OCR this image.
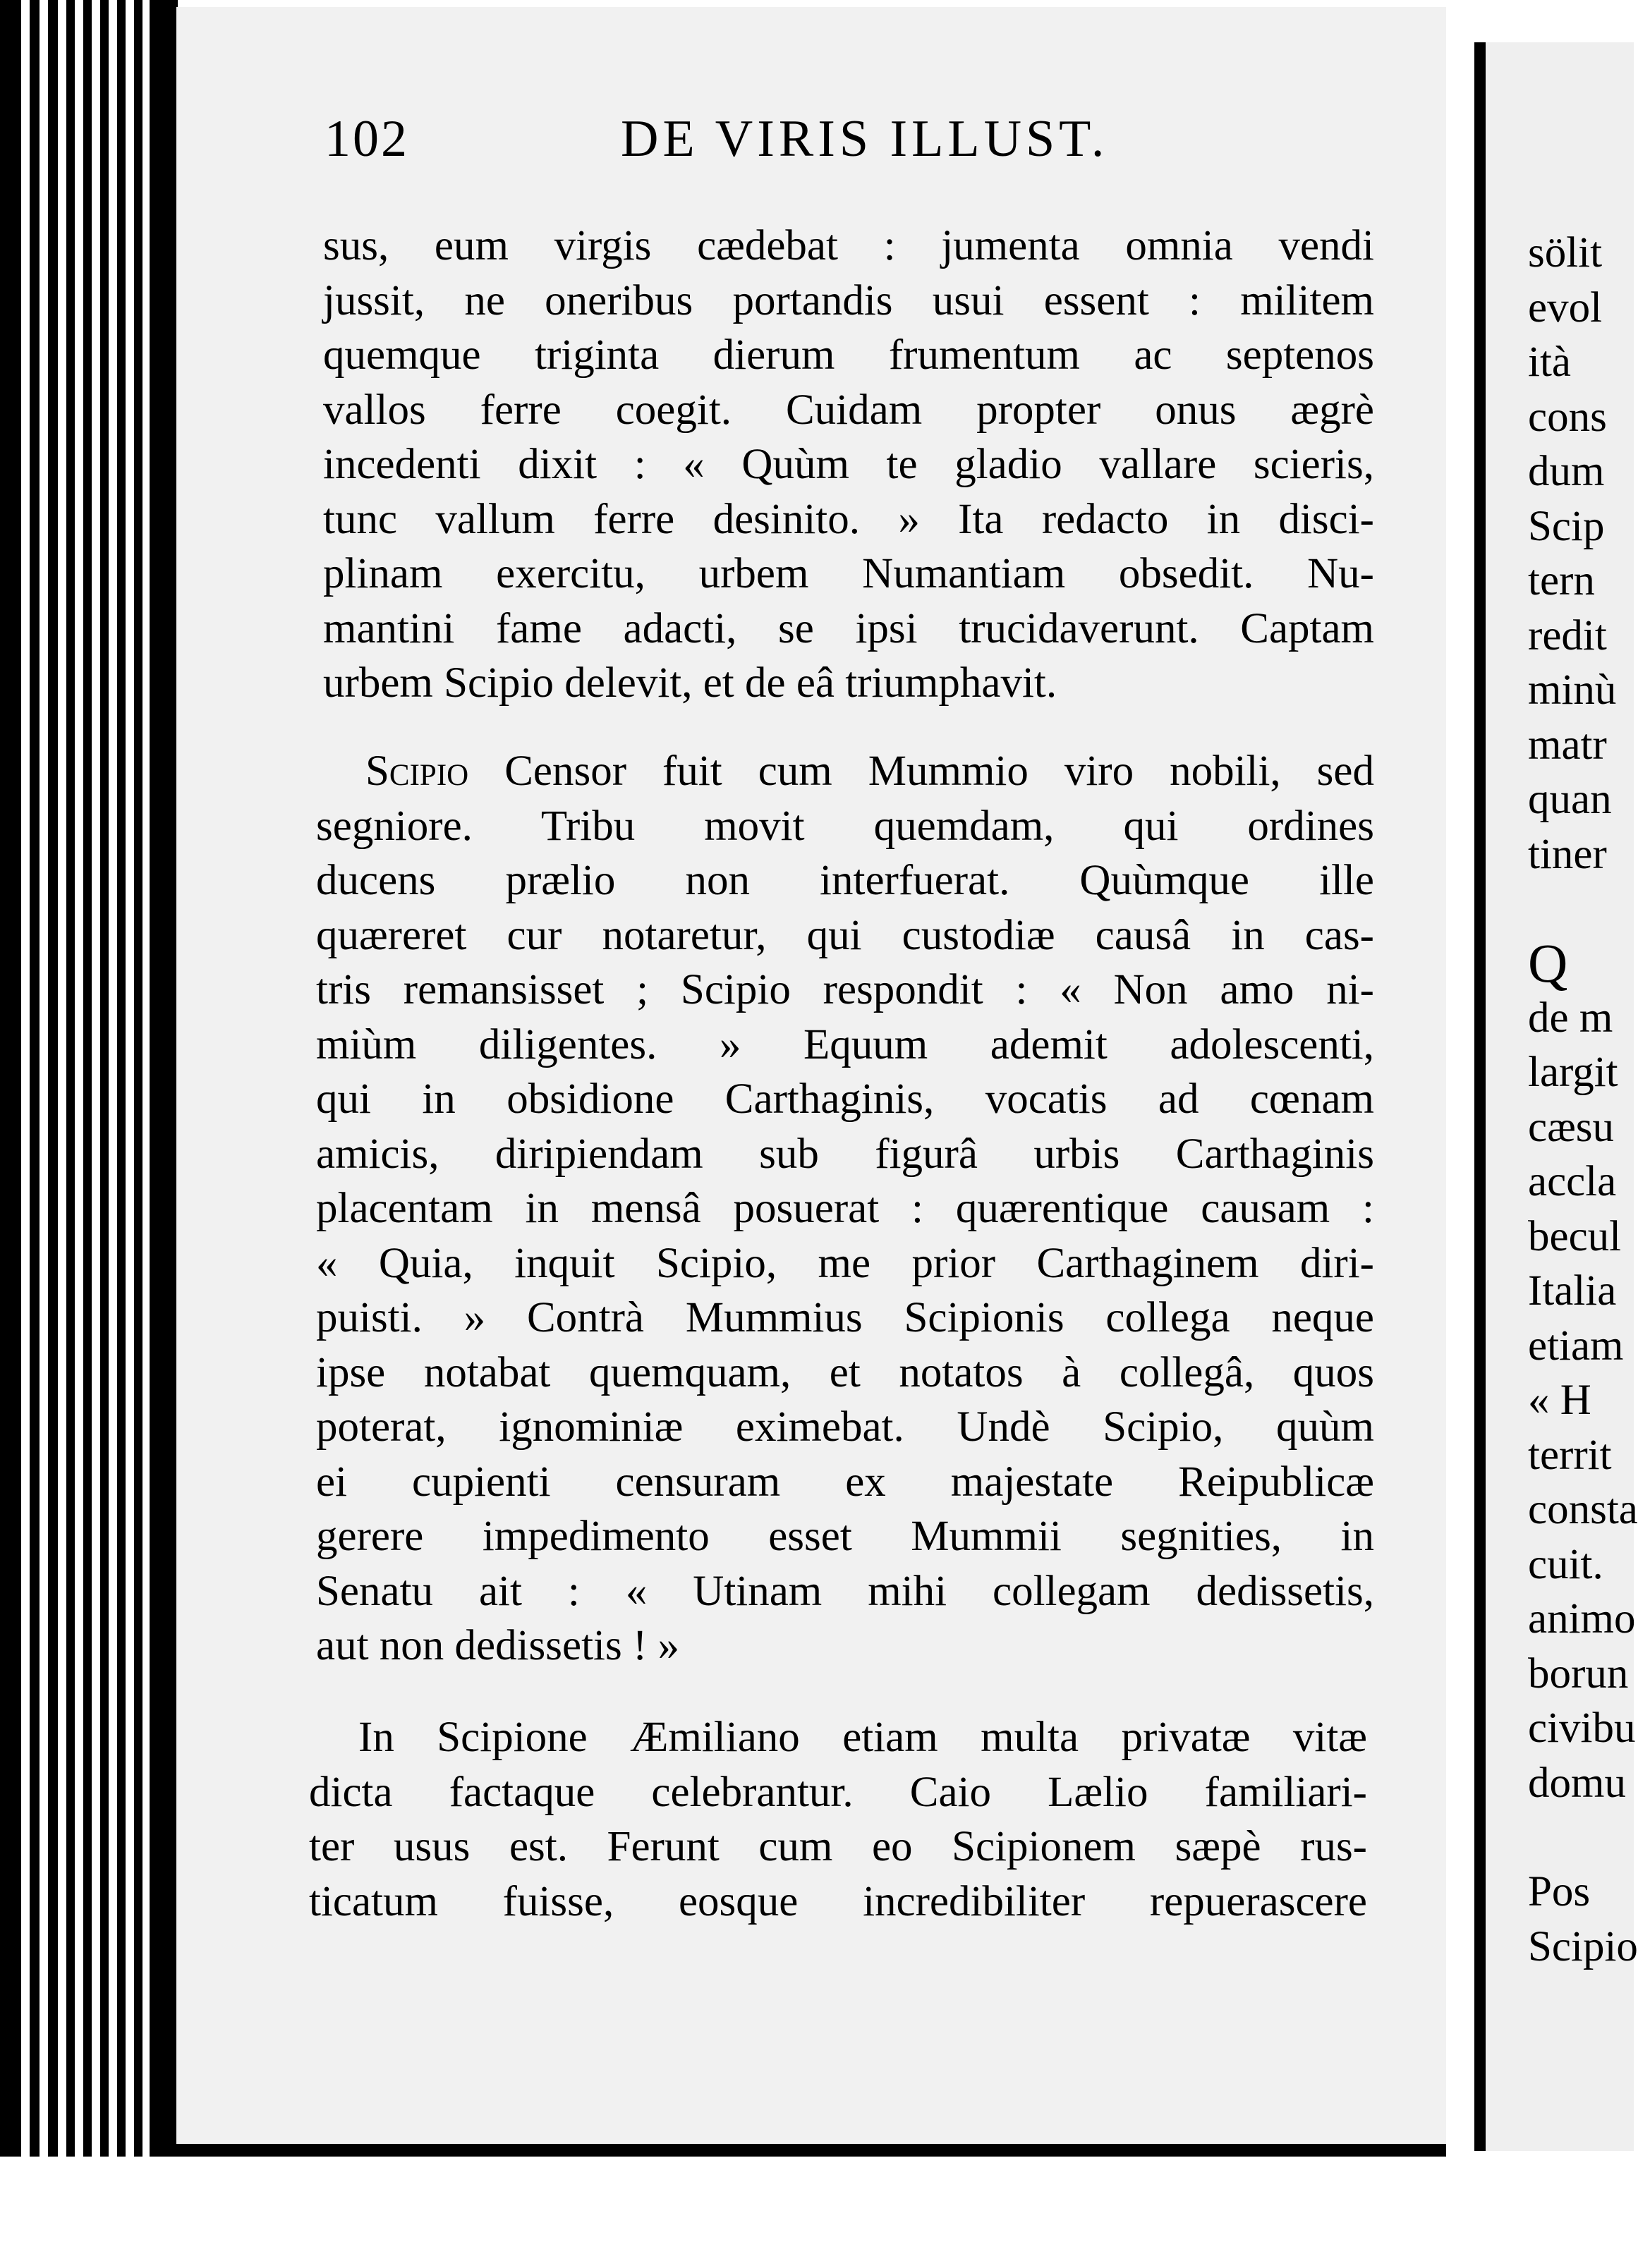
102	DE VIRIS ILLUST.
sus, eum virgis cædebat : jumenta omnia vendi
jussit, ne oneribus portandis usui essent : militem
quemque triginta dierum frumentum ac septenos
vallos ferre coegit. Cuidam propter onus ægrè
incedenti dixit : « Quùm te gladio vallare scieris,
tunc vallum ferre desinito. » Ita redacto in disci-
plinam exercitu, urbem Numantiam obsedit. Nu-
mantini fame adacti, se ipsi trucidaverunt. Captam
urbem Scipio delevit, et de eâ triumphavit.
Scipio Censor fuit cum Mummio viro nobili, sed
segniore. Tribu movit quemdam, qui ordines
ducens prælio non interfuerat. Quùmque ille
quæreret cur notaretur, qui custodiæ causâ in cas-
tris remansisset ; Scipio respondit : « Non amo ni-
miùm diligentes. » Equum ademit adolescenti,
qui in obsidione Carthaginis, vocatis ad cœnam
amicis, diripiendam sub figurâ urbis Carthaginis
placentam in mensâ posuerat : quærentique causam :
« Quia, inquit Scipio, me prior Carthaginem diri-
puisti. » Contrà Mummius Scipionis collega neque
ipse notabat quemquam, et notatos à collegâ, quos
poterat, ignominiæ eximebat. Undè Scipio, quùm
ei cupienti censuram ex majestate Reipublicæ
gerere impedimento esset Mummii segnities, in
Senatu ait : « Utinam mihi collegam dedissetis,
aut non dedissetis ! »
In Scipione Æmiliano etiam multa privatæ vitæ
dicta factaque celebrantur. Caio Lælio familiari-
ter usus est. Ferunt cum eo Scipionem sæpè rus-
ticatum fuisse, eosque incredibiliter repuerascere
sölit
evol
ità
cons
dum
Scip
tern
redit
minù
matr
quan
tiner
Q
de m
largit
cæsu
accla
becul
Italia
etiam
« H
territ
consta
cuit.
animo
borun
civibu
domu
Pos
Scipio
